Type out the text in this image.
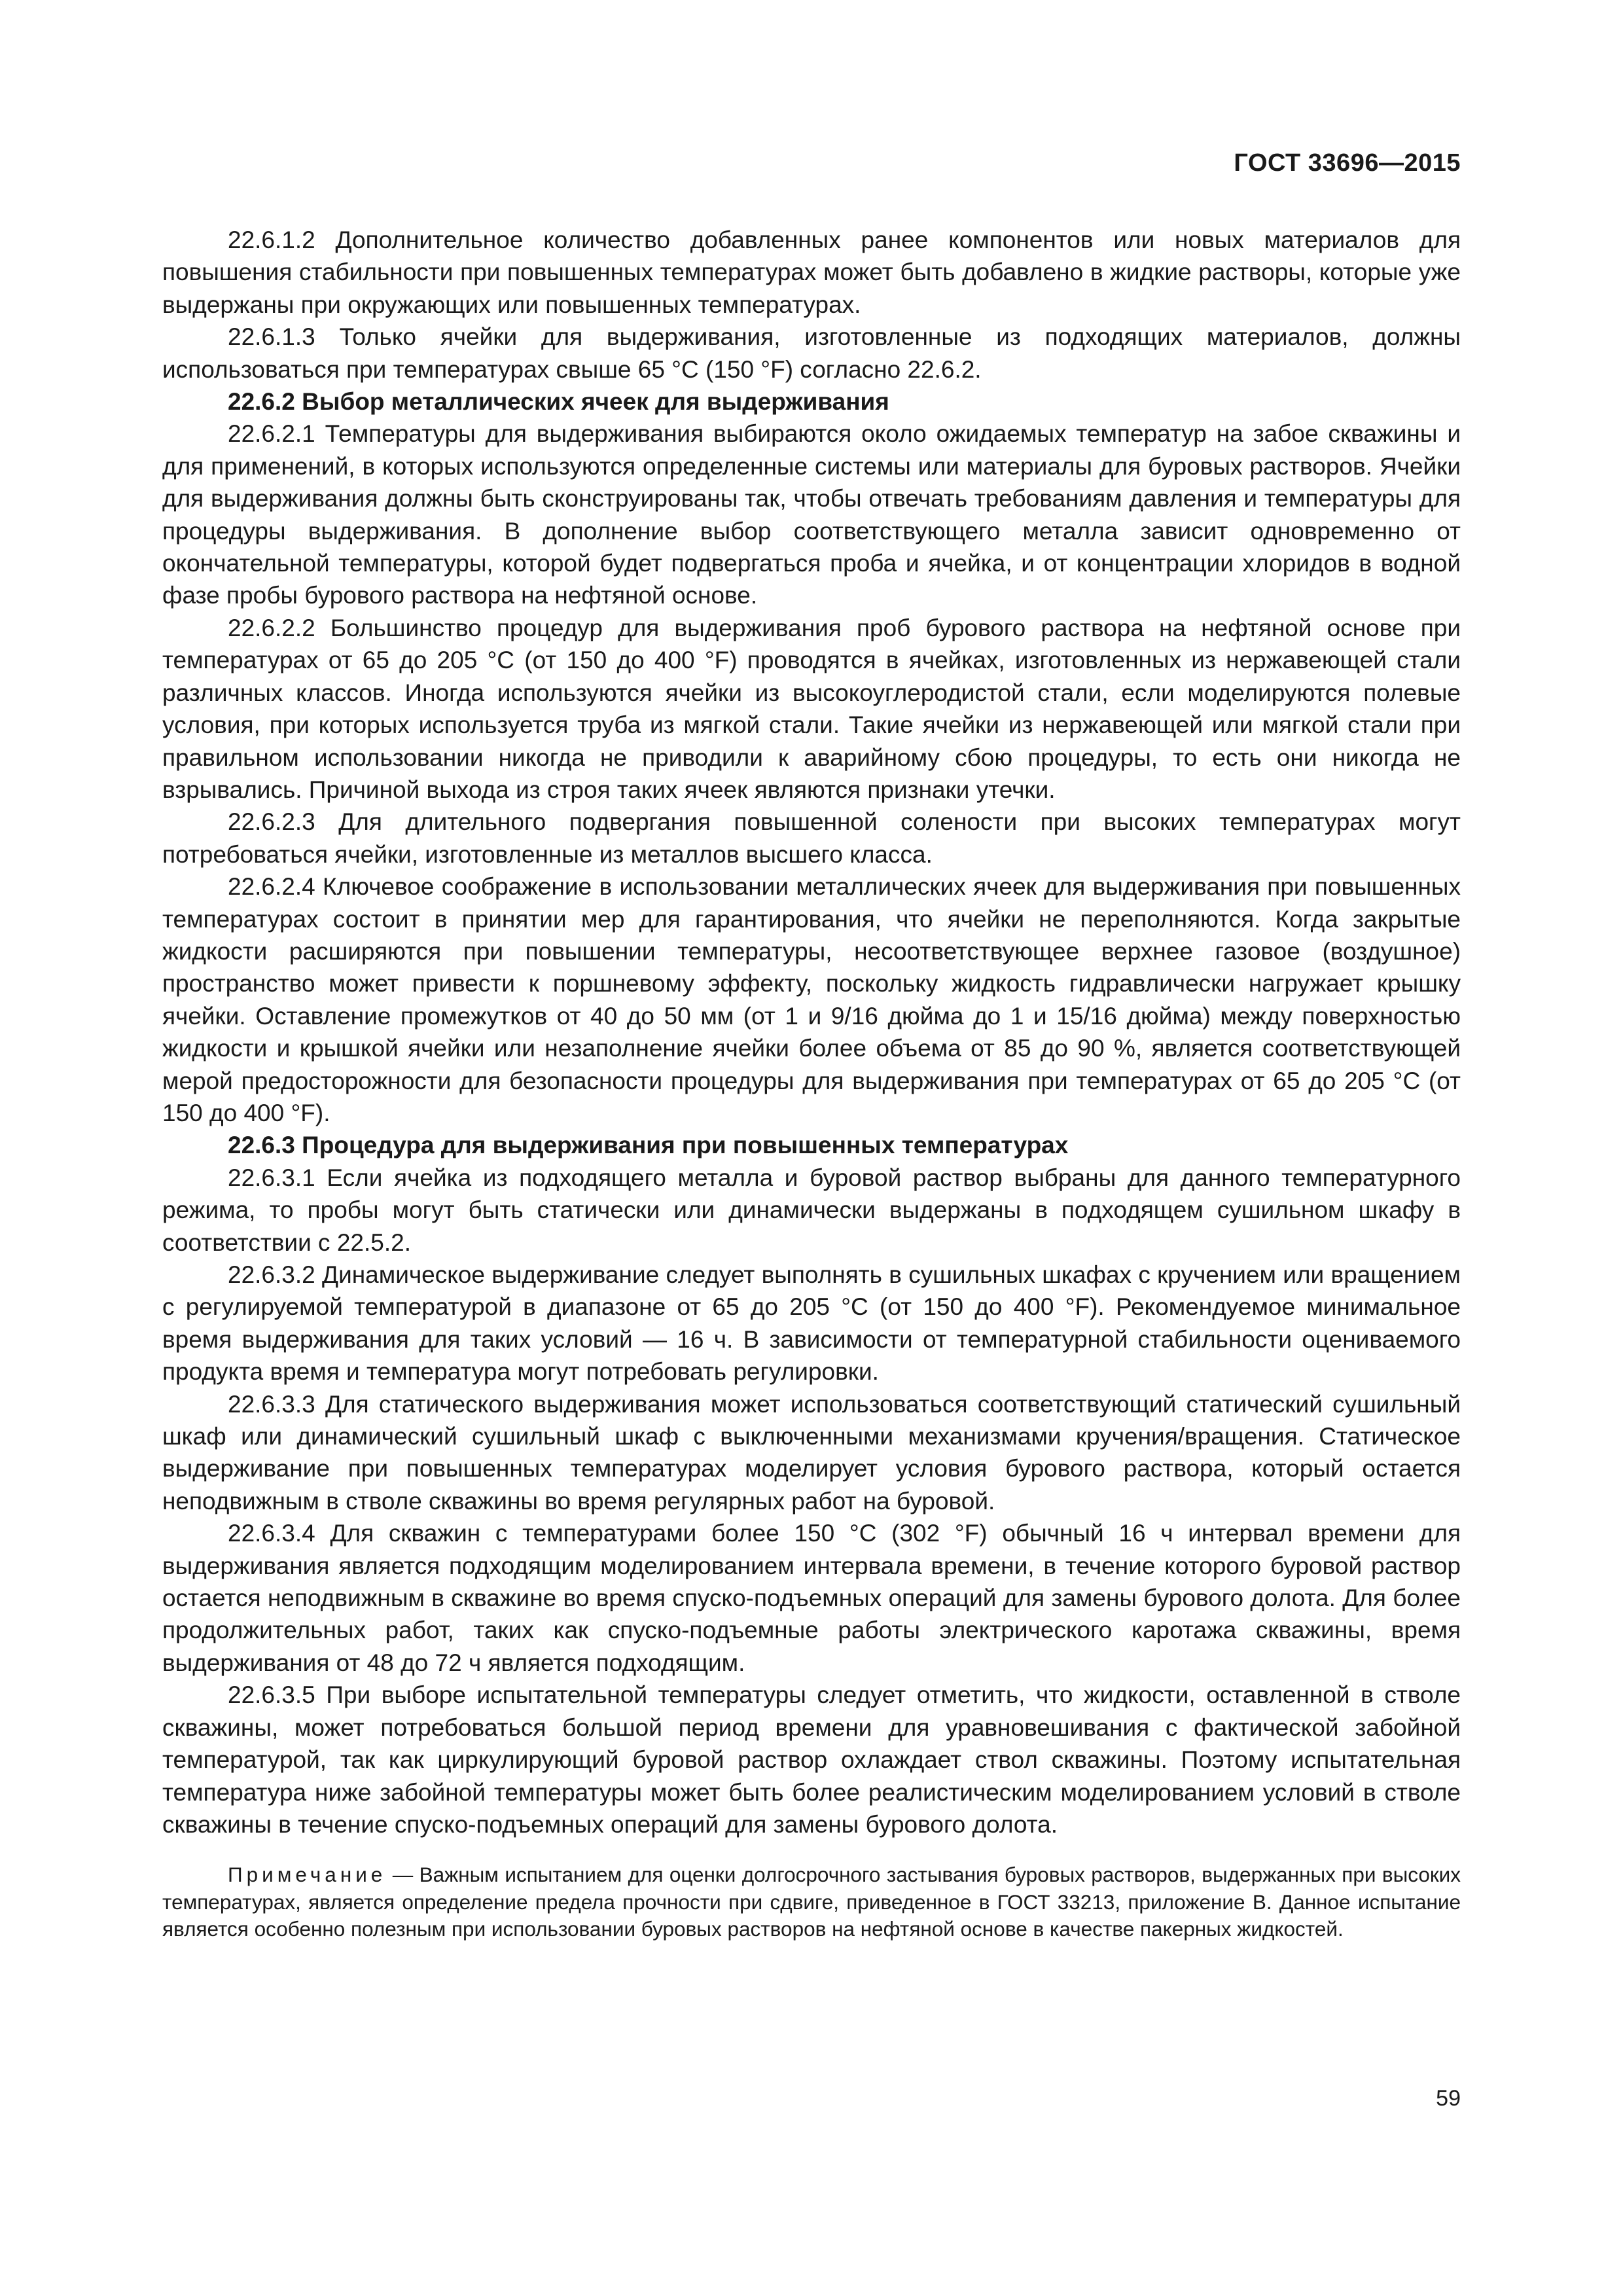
ГОСТ 33696—2015

22.6.1.2 Дополнительное количество добавленных ранее компонентов или новых материалов для повышения стабильности при повышенных температурах может быть добавлено в жидкие растворы, которые уже выдержаны при окружающих или повышенных температурах.

22.6.1.3 Только ячейки для выдерживания, изготовленные из подходящих материалов, должны использоваться при температурах свыше 65 °С (150 °F) согласно 22.6.2.

22.6.2 Выбор металлических ячеек для выдерживания

22.6.2.1 Температуры для выдерживания выбираются около ожидаемых температур на забое скважины и для применений, в которых используются определенные системы или материалы для буровых растворов. Ячейки для выдерживания должны быть сконструированы так, чтобы отвечать требованиям давления и температуры для процедуры выдерживания. В дополнение выбор соответствующего металла зависит одновременно от окончательной температуры, которой будет подвергаться проба и ячейка, и от концентрации хлоридов в водной фазе пробы бурового раствора на нефтяной основе.

22.6.2.2 Большинство процедур для выдерживания проб бурового раствора на нефтяной основе при температурах от 65 до 205 °С (от 150 до 400 °F) проводятся в ячейках, изготовленных из нержавеющей стали различных классов. Иногда используются ячейки из высокоуглеродистой стали, если моделируются полевые условия, при которых используется труба из мягкой стали. Такие ячейки из нержавеющей или мягкой стали при правильном использовании никогда не приводили к аварийному сбою процедуры, то есть они никогда не взрывались. Причиной выхода из строя таких ячеек являются признаки утечки.

22.6.2.3 Для длительного подвергания повышенной солености при высоких температурах могут потребоваться ячейки, изготовленные из металлов высшего класса.

22.6.2.4 Ключевое соображение в использовании металлических ячеек для выдерживания при повышенных температурах состоит в принятии мер для гарантирования, что ячейки не переполняются. Когда закрытые жидкости расширяются при повышении температуры, несоответствующее верхнее газовое (воздушное) пространство может привести к поршневому эффекту, поскольку жидкость гидравлически нагружает крышку ячейки. Оставление промежутков от 40 до 50 мм (от 1 и 9/16 дюйма до 1 и 15/16 дюйма) между поверхностью жидкости и крышкой ячейки или незаполнение ячейки более объема от 85 до 90 %, является соответствующей мерой предосторожности для безопасности процедуры для выдерживания при температурах от 65 до 205 °С (от 150 до 400 °F).

22.6.3 Процедура для выдерживания при повышенных температурах

22.6.3.1 Если ячейка из подходящего металла и буровой раствор выбраны для данного температурного режима, то пробы могут быть статически или динамически выдержаны в подходящем сушильном шкафу в соответствии с 22.5.2.

22.6.3.2 Динамическое выдерживание следует выполнять в сушильных шкафах с кручением или вращением с регулируемой температурой в диапазоне от 65 до 205 °С (от 150 до 400 °F). Рекомендуемое минимальное время выдерживания для таких условий — 16 ч. В зависимости от температурной стабильности оцениваемого продукта время и температура могут потребовать регулировки.

22.6.3.3 Для статического выдерживания может использоваться соответствующий статический сушильный шкаф или динамический сушильный шкаф с выключенными механизмами кручения/вращения. Статическое выдерживание при повышенных температурах моделирует условия бурового раствора, который остается неподвижным в стволе скважины во время регулярных работ на буровой.

22.6.3.4 Для скважин с температурами более 150 °С (302 °F) обычный 16 ч интервал времени для выдерживания является подходящим моделированием интервала времени, в течение которого буровой раствор остается неподвижным в скважине во время спуско-подъемных операций для замены бурового долота. Для более продолжительных работ, таких как спуско-подъемные работы электрического каротажа скважины, время выдерживания от 48 до 72 ч является подходящим.

22.6.3.5 При выборе испытательной температуры следует отметить, что жидкости, оставленной в стволе скважины, может потребоваться большой период времени для уравновешивания с фактической забойной температурой, так как циркулирующий буровой раствор охлаждает ствол скважины. Поэтому испытательная температура ниже забойной температуры может быть более реалистическим моделированием условий в стволе скважины в течение спуско-подъемных операций для замены бурового долота.

Примечание — Важным испытанием для оценки долгосрочного застывания буровых растворов, выдержанных при высоких температурах, является определение предела прочности при сдвиге, приведенное в ГОСТ 33213, приложение В. Данное испытание является особенно полезным при использовании буровых растворов на нефтяной основе в качестве пакерных жидкостей.

59
